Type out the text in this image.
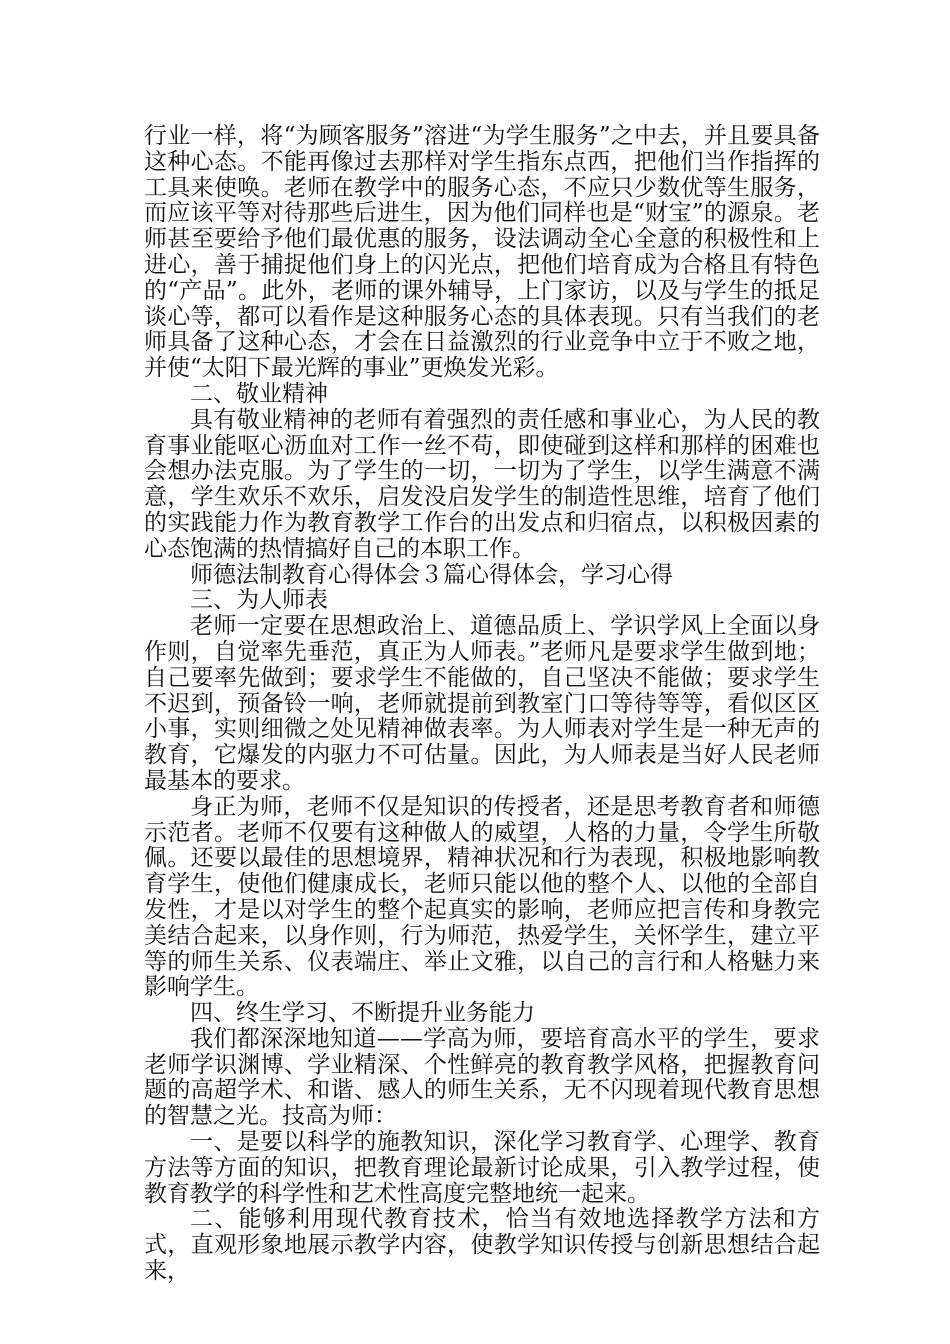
行业一样，将“为顾客服务”溶进“为学生服务”之中去，并且要具备这种心态。不能再像过去那样对学生指东点西，把他们当作指挥的工具来使唤。老师在教学中的服务心态，不应只少数优等生服务，而应该平等对待那些后进生，因为他们同样也是“财宝”的源泉。老师甚至要给予他们最优惠的服务，设法调动全心全意的积极性和上进心，善于捕捉他们身上的闪光点，把他们培育成为合格且有特色的“产品”。此外，老师的课外辅导，上门家访，以及与学生的抵足谈心等，都可以看作是这种服务心态的具体表现。只有当我们的老师具备了这种心态，才会在日益激烈的行业竞争中立于不败之地，并使“太阳下最光辉的事业”更焕发光彩。

二、敬业精神

具有敬业精神的老师有着强烈的责任感和事业心，为人民的教育事业能呕心沥血对工作一丝不苟，即使碰到这样和那样的困难也会想办法克服。为了学生的一切，一切为了学生，以学生满意不满意，学生欢乐不欢乐，启发没启发学生的制造性思维，培育了他们的实践能力作为教育教学工作台的出发点和归宿点，以积极因素的心态饱满的热情搞好自己的本职工作。

师德法制教育心得体会３篇心得体会，学习心得

三、为人师表

老师一定要在思想政治上、道德品质上、学识学风上全面以身作则，自觉率先垂范，真正为人师表。”老师凡是要求学生做到地；自己要率先做到；要求学生不能做的，自己坚决不能做；要求学生不迟到，预备铃一响，老师就提前到教室门口等待等等，看似区区小事，实则细微之处见精神做表率。为人师表对学生是一种无声的教育，它爆发的内驱力不可估量。因此，为人师表是当好人民老师最基本的要求。

身正为师，老师不仅是知识的传授者，还是思考教育者和师德示范者。老师不仅要有这种做人的威望，人格的力量，令学生所敬佩。还要以最佳的思想境界，精神状况和行为表现，积极地影响教育学生，使他们健康成长，老师只能以他的整个人、以他的全部自发性，才是以对学生的整个起真实的影响，老师应把言传和身教完美结合起来，以身作则，行为师范，热爱学生，关怀学生，建立平等的师生关系、仪表端庄、举止文雅，以自己的言行和人格魅力来影响学生。

四、终生学习、不断提升业务能力

我们都深深地知道——学高为师，要培育高水平的学生，要求老师学识渊博、学业精深、个性鲜亮的教育教学风格，把握教育问题的高超学术、和谐、感人的师生关系，无不闪现着现代教育思想的智慧之光。技高为师：

一、是要以科学的施教知识，深化学习教育学、心理学、教育方法等方面的知识，把教育理论最新讨论成果，引入教学过程，使教育教学的科学性和艺术性高度完整地统一起来。

二、能够利用现代教育技术，恰当有效地选择教学方法和方式，直观形象地展示教学内容，使教学知识传授与创新思想结合起来，
